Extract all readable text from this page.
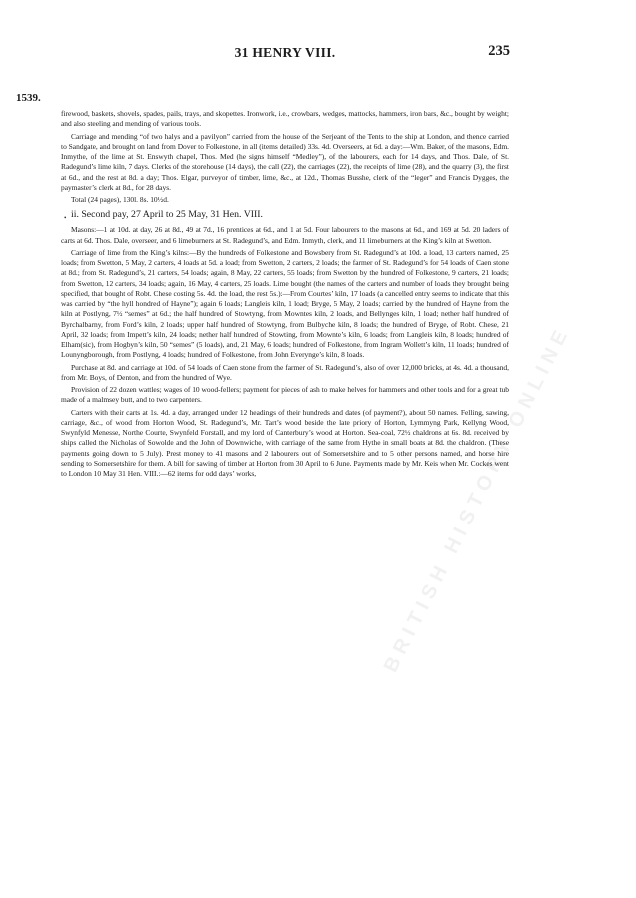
31 HENRY VIII.	235
1539.
•
BRITISH HISTORY ONLINE

firewood, baskets, shovels, spades, pails, trays, and skopettes. Ironwork, i.e., crowbars, wedges, mattocks, hammers, iron bars, &c., bought by weight; and also steeling and mending of various tools.

Carriage and mending “of two halys and a pavilyon” carried from the house of the Serjeant of the Tents to the ship at London, and thence carried to Sandgate, and brought on land from Dover to Folkestone, in all (items detailed) 33s. 4d. Overseers, at 6d. a day:—Wm. Baker, of the masons, Edm. Inmythe, of the lime at St. Enswyth chapel, Thos. Med (he signs himself “Medley”), of the labourers, each for 14 days, and Thos. Dale, of St. Radegund’s lime kiln, 7 days. Clerks of the storehouse (14 days), the call (22), the carriages (22), the receipts of lime (28), and the quarry (3), the first at 6d., and the rest at 8d. a day; Thos. Elgar, purveyor of timber, lime, &c., at 12d., Thomas Busshe, clerk of the “leger” and Francis Dygges, the paymaster’s clerk at 8d., for 28 days.

Total (24 pages), 130l. 8s. 10½d.

ii. Second pay, 27 April to 25 May, 31 Hen. VIII.

Masons:—1 at 10d. at day, 26 at 8d., 49 at 7d., 16 prentices at 6d., and 1 at 5d. Four labourers to the masons at 6d., and 169 at 5d. 20 laders of carts at 6d. Thos. Dale, overseer, and 6 limeburners at St. Radegund’s, and Edm. Inmyth, clerk, and 11 limeburners at the King’s kiln at Swetton.

Carriage of lime from the King’s kilns:—By the hundreds of Folkestone and Bowsbery from St. Radegund’s at 10d. a load, 13 carters named, 25 loads; from Swetton, 5 May, 2 carters, 4 loads at 5d. a load; from Swetton, 2 carters, 2 loads; the farmer of St. Radegund’s for 54 loads of Caen stone at 8d.; from St. Radegund’s, 21 carters, 54 loads; again, 8 May, 22 carters, 55 loads; from Swetton by the hundred of Folkestone, 9 carters, 21 loads; from Swetton, 12 carters, 34 loads; again, 16 May, 4 carters, 25 loads. Lime bought (the names of the carters and number of loads they brought being specified, that bought of Robt. Chese costing 5s. 4d. the load, the rest 5s.):—From Courtes’ kiln, 17 loads (a cancelled entry seems to indicate that this was carried by “the hyll hondred of Hayne”); again 6 loads; Langleis kiln, 1 load; Bryge, 5 May, 2 loads; carried by the hundred of Hayne from the kiln at Postlyng, 7½ “semes” at 6d.; the half hundred of Stowtyng, from Mowntes kiln, 2 loads, and Bellynges kiln, 1 load; nether half hundred of Byrchalbarny, from Ford’s kiln, 2 loads; upper half hundred of Stowtyng, from Bulbyche kiln, 8 loads; the hundred of Bryge, of Robt. Chese, 21 April, 32 loads; from Impett’s kiln, 24 loads; nether half hundred of Stowting, from Mownte’s kiln, 6 loads; from Langleis kiln, 8 loads; hundred of Elham(sic), from Hogbyn’s kiln, 50 “semes” (5 loads), and, 21 May, 6 loads; hundred of Folkestone, from Ingram Wollett’s kiln, 11 loads; hundred of Lounyngborough, from Postlyng, 4 loads; hundred of Folkestone, from John Everynge’s kiln, 8 loads.

Purchase at 8d. and carriage at 10d. of 54 loads of Caen stone from the farmer of St. Radegund’s, also of over 12,000 bricks, at 4s. 4d. a thousand, from Mr. Boys, of Denton, and from the hundred of Wye.

Provision of 22 dozen wattles; wages of 10 wood-fellers; payment for pieces of ash to make helves for hammers and other tools and for a great tub made of a malmsey butt, and to two carpenters.

Carters with their carts at 1s. 4d. a day, arranged under 12 headings of their hundreds and dates (of payment?), about 50 names. Felling, sawing, carriage, &c., of wood from Horton Wood, St. Radegund’s, Mr. Tart’s wood beside the late priory of Horton, Lymmyng Park, Kellyng Wood, Swynfyld Menesse, Northe Courte, Swynfeld Forstall, and my lord of Canterbury’s wood at Horton. Sea-coal, 72½ chaldrons at 6s. 8d. received by ships called the Nicholas of Sowolde and the John of Downwiche, with carriage of the same from Hythe in small boats at 8d. the chaldron. (These payments going down to 5 July). Prest money to 41 masons and 2 labourers out of Somersetshire and to 5 other persons named, and horse hire sending to Somersetshire for them. A bill for sawing of timber at Horton from 30 April to 6 June. Payments made by Mr. Keis when Mr. Cockes went to London 10 May 31 Hen. VIII.:—62 items for odd days’ works,
